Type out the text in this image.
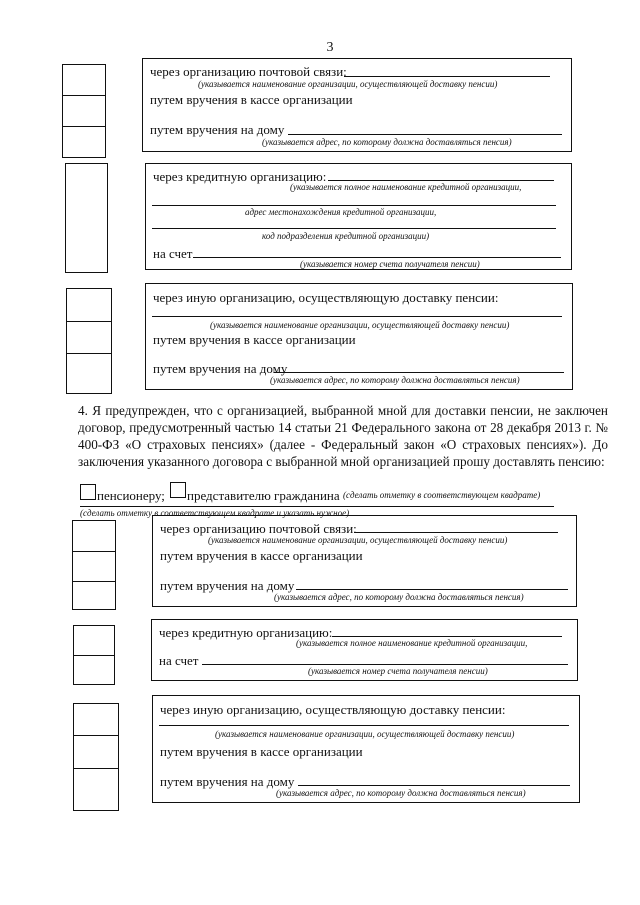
3
через организацию почтовой связи:
(указывается наименование организации, осуществляющей доставку пенсии)
путем вручения в кассе организации
путем вручения на дому
(указывается адрес, по которому должна доставляться пенсия)
через кредитную организацию:
(указывается полное наименование кредитной организации,
адрес местонахождения кредитной организации,
код подразделения кредитной организации)
на счет
(указывается номер счета получателя пенсии)
через иную организацию, осуществляющую доставку пенсии:
(указывается наименование организации, осуществляющей доставку пенсии)
путем вручения в кассе организации
путем вручения на дому
(указывается адрес, по которому должна доставляться пенсия)
4. Я предупрежден, что с организацией, выбранной мной для доставки пенсии, не заключен договор, предусмотренный частью 14 статьи 21 Федерального закона от 28 декабря 2013 г. № 400-ФЗ «О страховых пенсиях» (далее - Федеральный закон «О страховых пенсиях»). До заключения указанного договора с выбранной мной организацией прошу доставлять пенсию:
пенсионеру; представителю гражданина (сделать отметку в соответствующем квадрате)
(сделать отметку в соответствующем квадрате и указать нужное)
через организацию почтовой связи:
(указывается наименование организации, осуществляющей доставку пенсии)
путем вручения в кассе организации
путем вручения на дому
(указывается адрес, по которому должна доставляться пенсия)
через кредитную организацию:
(указывается полное наименование кредитной организации,
на счет
(указывается номер счета получателя пенсии)
через иную организацию, осуществляющую доставку пенсии:
(указывается наименование организации, осуществляющей доставку пенсии)
путем вручения в кассе организации
путем вручения на дому
(указывается адрес, по которому должна доставляться пенсия)
